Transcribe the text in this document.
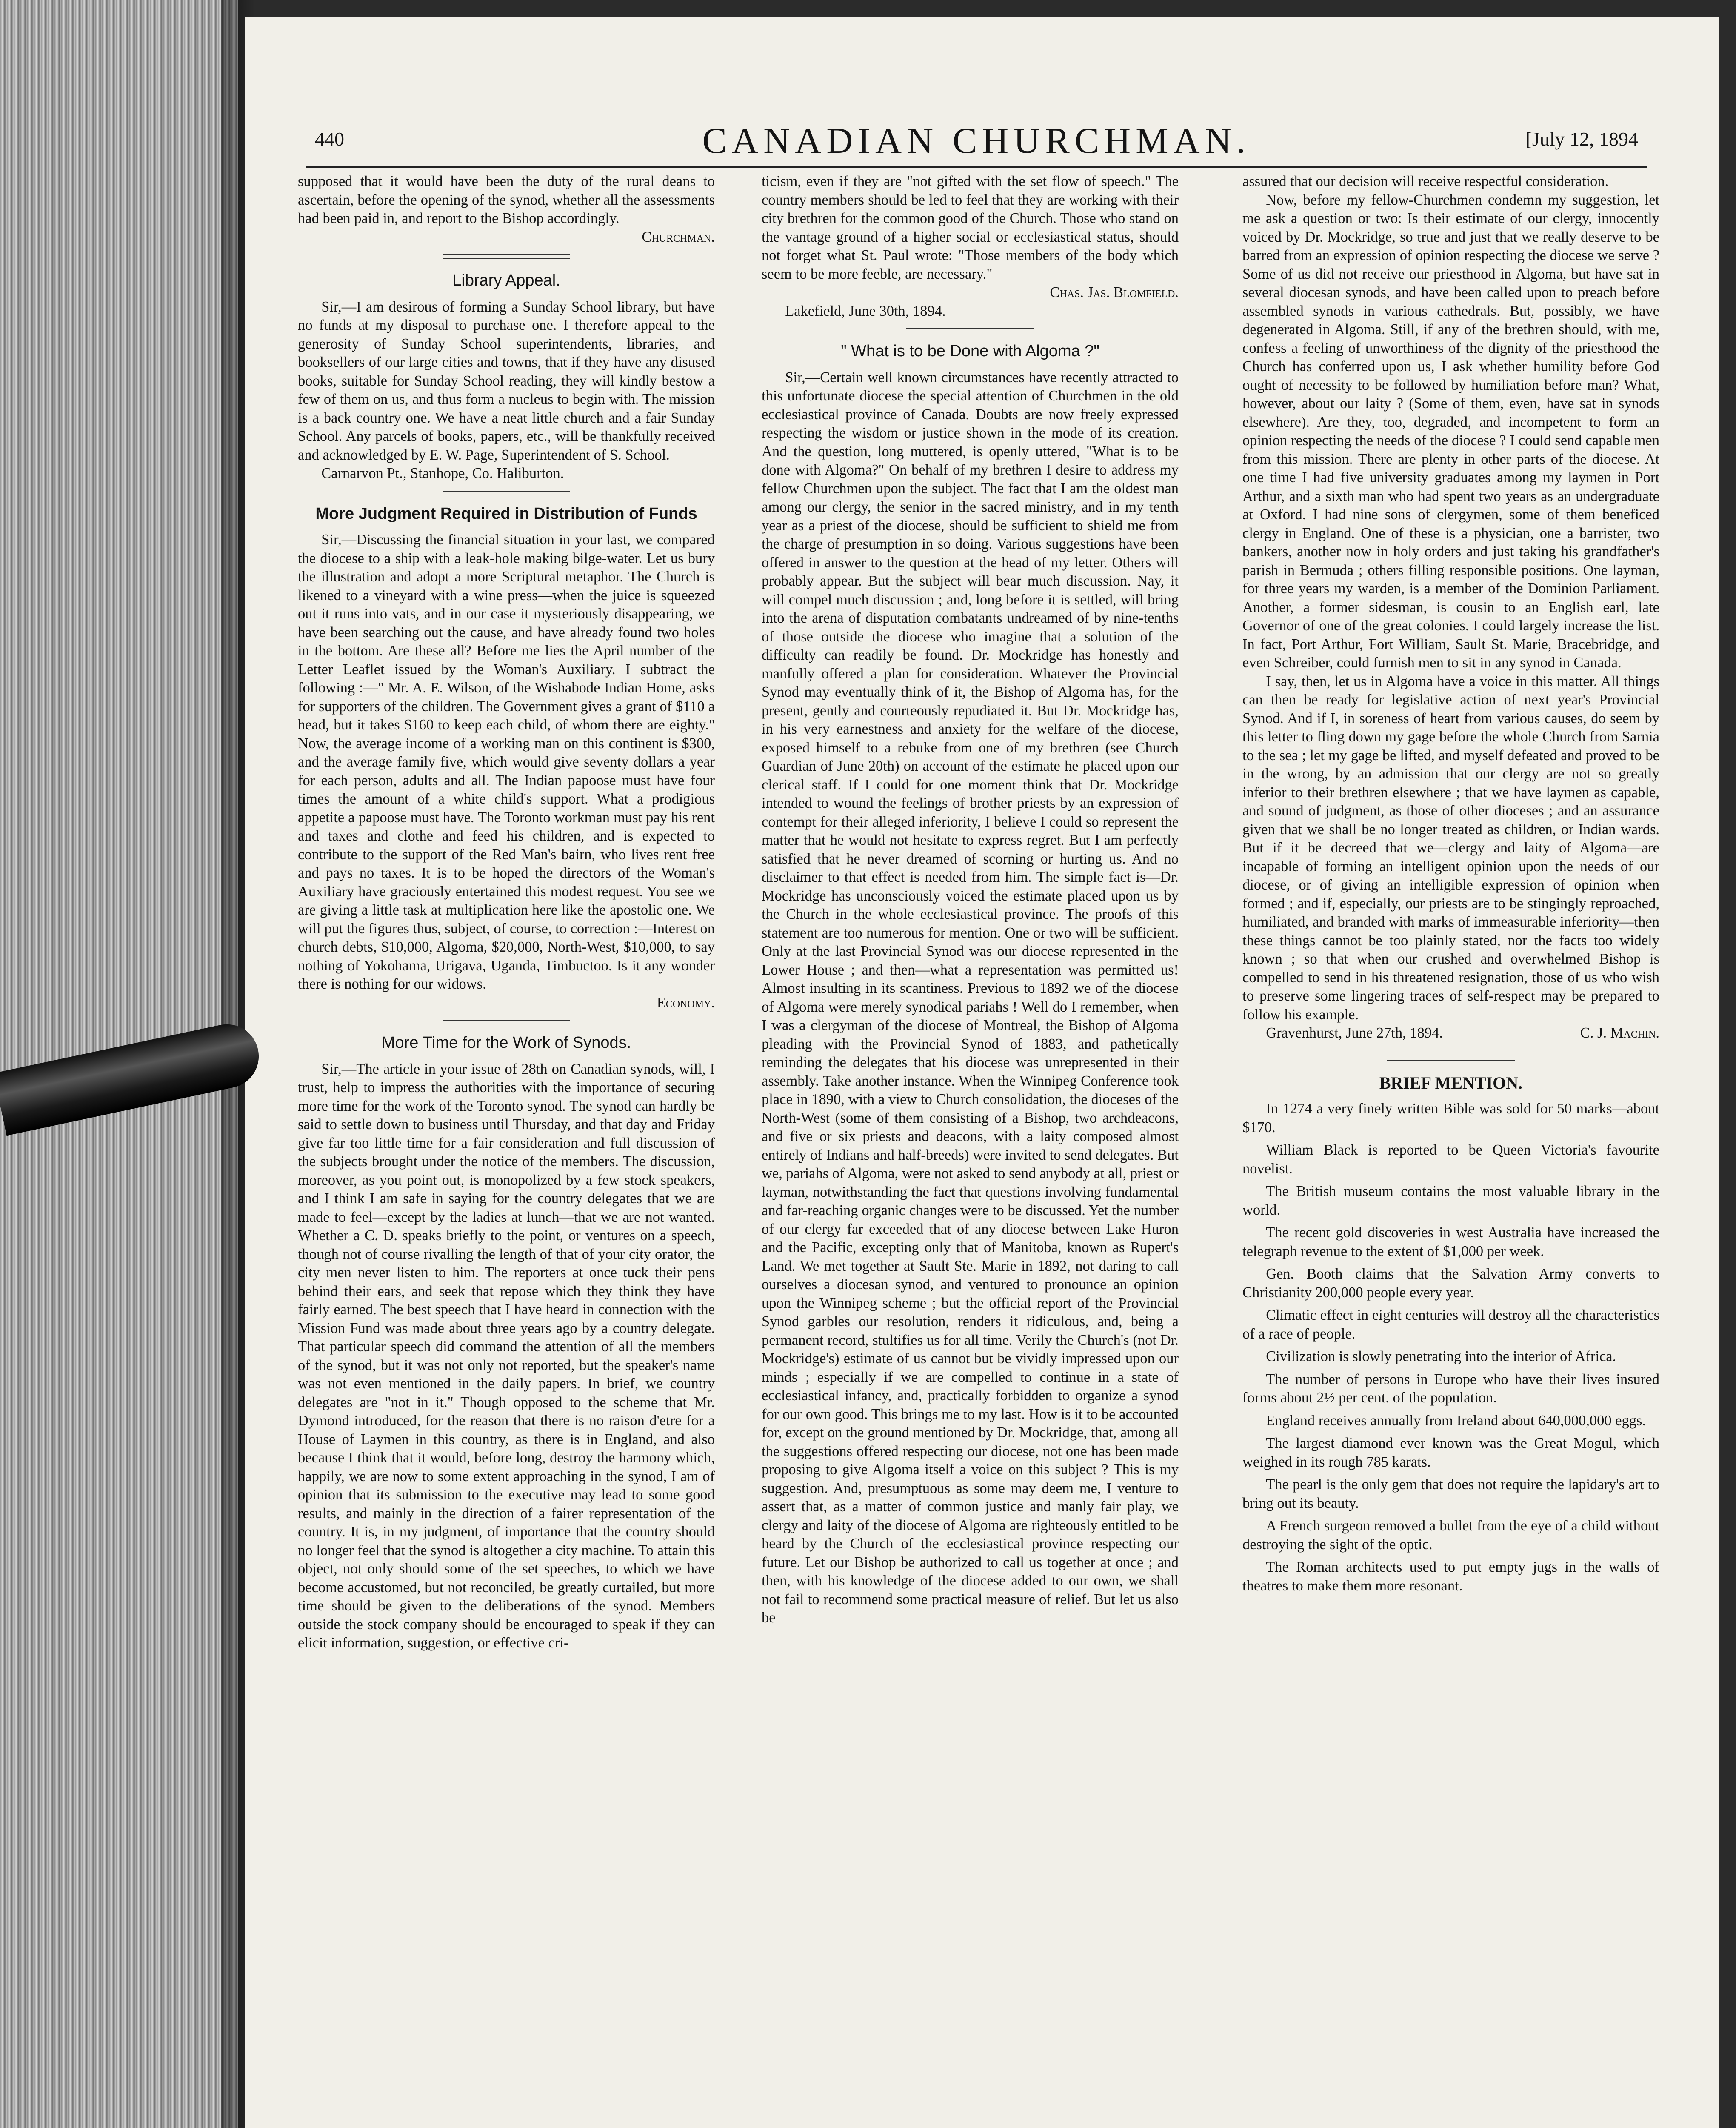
440	CANADIAN CHURCHMAN.	[July 12, 1894

supposed that it would have been the duty of the rural deans to ascertain, before the opening of the synod, whether all the assessments had been paid in, and report to the Bishop accordingly.

Churchman.

Library Appeal.

Sir,—I am desirous of forming a Sunday School library, but have no funds at my disposal to purchase one. I therefore appeal to the generosity of Sunday School superintendents, libraries, and booksellers of our large cities and towns, that if they have any disused books, suitable for Sunday School reading, they will kindly bestow a few of them on us, and thus form a nucleus to begin with. The mission is a back country one. We have a neat little church and a fair Sunday School. Any parcels of books, papers, etc., will be thankfully received and acknowledged by E. W. Page, Superintendent of S. School.

Carnarvon Pt., Stanhope, Co. Haliburton.

More Judgment Required in Distribution of Funds

Sir,—Discussing the financial situation in your last, we compared the diocese to a ship with a leak-hole making bilge-water. Let us bury the illustration and adopt a more Scriptural metaphor. The Church is likened to a vineyard with a wine press—when the juice is squeezed out it runs into vats, and in our case it mysteriously disappearing, we have been searching out the cause, and have already found two holes in the bottom. Are these all? Before me lies the April number of the Letter Leaflet issued by the Woman's Auxiliary. I subtract the following :—" Mr. A. E. Wilson, of the Wishabode Indian Home, asks for supporters of the children. The Government gives a grant of $110 a head, but it takes $160 to keep each child, of whom there are eighty." Now, the average income of a working man on this continent is $300, and the average family five, which would give seventy dollars a year for each person, adults and all. The Indian papoose must have four times the amount of a white child's support. What a prodigious appetite a papoose must have. The Toronto workman must pay his rent and taxes and clothe and feed his children, and is expected to contribute to the support of the Red Man's bairn, who lives rent free and pays no taxes. It is to be hoped the directors of the Woman's Auxiliary have graciously entertained this modest request. You see we are giving a little task at multiplication here like the apostolic one. We will put the figures thus, subject, of course, to correction :—Interest on church debts, $10,000, Algoma, $20,000, North-West, $10,000, to say nothing of Yokohama, Urigava, Uganda, Timbuctoo. Is it any wonder there is nothing for our widows.

Economy.

More Time for the Work of Synods.

Sir,—The article in your issue of 28th on Canadian synods, will, I trust, help to impress the authorities with the importance of securing more time for the work of the Toronto synod. The synod can hardly be said to settle down to business until Thursday, and that day and Friday give far too little time for a fair consideration and full discussion of the subjects brought under the notice of the members. The discussion, moreover, as you point out, is monopolized by a few stock speakers, and I think I am safe in saying for the country delegates that we are made to feel—except by the ladies at lunch—that we are not wanted. Whether a C. D. speaks briefly to the point, or ventures on a speech, though not of course rivalling the length of that of your city orator, the city men never listen to him. The reporters at once tuck their pens behind their ears, and seek that repose which they think they have fairly earned. The best speech that I have heard in connection with the Mission Fund was made about three years ago by a country delegate. That particular speech did command the attention of all the members of the synod, but it was not only not reported, but the speaker's name was not even mentioned in the daily papers. In brief, we country delegates are "not in it." Though opposed to the scheme that Mr. Dymond introduced, for the reason that there is no raison d'etre for a House of Laymen in this country, as there is in England, and also because I think that it would, before long, destroy the harmony which, happily, we are now to some extent approaching in the synod, I am of opinion that its submission to the executive may lead to some good results, and mainly in the direction of a fairer representation of the country. It is, in my judgment, of importance that the country should no longer feel that the synod is altogether a city machine. To attain this object, not only should some of the set speeches, to which we have become accustomed, but not reconciled, be greatly curtailed, but more time should be given to the deliberations of the synod. Members outside the stock company should be encouraged to speak if they can elicit information, suggestion, or effective cri-

ticism, even if they are "not gifted with the set flow of speech." The country members should be led to feel that they are working with their city brethren for the common good of the Church. Those who stand on the vantage ground of a higher social or ecclesiastical status, should not forget what St. Paul wrote: "Those members of the body which seem to be more feeble, are necessary."

Chas. Jas. Blomfield.

Lakefield, June 30th, 1894.

" What is to be Done with Algoma ?"

Sir,—Certain well known circumstances have recently attracted to this unfortunate diocese the special attention of Churchmen in the old ecclesiastical province of Canada. Doubts are now freely expressed respecting the wisdom or justice shown in the mode of its creation. And the question, long muttered, is openly uttered, "What is to be done with Algoma?" On behalf of my brethren I desire to address my fellow Churchmen upon the subject. The fact that I am the oldest man among our clergy, the senior in the sacred ministry, and in my tenth year as a priest of the diocese, should be sufficient to shield me from the charge of presumption in so doing. Various suggestions have been offered in answer to the question at the head of my letter. Others will probably appear. But the subject will bear much discussion. Nay, it will compel much discussion ; and, long before it is settled, will bring into the arena of disputation combatants undreamed of by nine-tenths of those outside the diocese who imagine that a solution of the difficulty can readily be found. Dr. Mockridge has honestly and manfully offered a plan for consideration. Whatever the Provincial Synod may eventually think of it, the Bishop of Algoma has, for the present, gently and courteously repudiated it. But Dr. Mockridge has, in his very earnestness and anxiety for the welfare of the diocese, exposed himself to a rebuke from one of my brethren (see Church Guardian of June 20th) on account of the estimate he placed upon our clerical staff. If I could for one moment think that Dr. Mockridge intended to wound the feelings of brother priests by an expression of contempt for their alleged inferiority, I believe I could so represent the matter that he would not hesitate to express regret. But I am perfectly satisfied that he never dreamed of scorning or hurting us. And no disclaimer to that effect is needed from him. The simple fact is—Dr. Mockridge has unconsciously voiced the estimate placed upon us by the Church in the whole ecclesiastical province. The proofs of this statement are too numerous for mention. One or two will be sufficient. Only at the last Provincial Synod was our diocese represented in the Lower House ; and then—what a representation was permitted us! Almost insulting in its scantiness. Previous to 1892 we of the diocese of Algoma were merely synodical pariahs ! Well do I remember, when I was a clergyman of the diocese of Montreal, the Bishop of Algoma pleading with the Provincial Synod of 1883, and pathetically reminding the delegates that his diocese was unrepresented in their assembly. Take another instance. When the Winnipeg Conference took place in 1890, with a view to Church consolidation, the dioceses of the North-West (some of them consisting of a Bishop, two archdeacons, and five or six priests and deacons, with a laity composed almost entirely of Indians and half-breeds) were invited to send delegates. But we, pariahs of Algoma, were not asked to send anybody at all, priest or layman, notwithstanding the fact that questions involving fundamental and far-reaching organic changes were to be discussed. Yet the number of our clergy far exceeded that of any diocese between Lake Huron and the Pacific, excepting only that of Manitoba, known as Rupert's Land. We met together at Sault Ste. Marie in 1892, not daring to call ourselves a diocesan synod, and ventured to pronounce an opinion upon the Winnipeg scheme ; but the official report of the Provincial Synod garbles our resolution, renders it ridiculous, and, being a permanent record, stultifies us for all time. Verily the Church's (not Dr. Mockridge's) estimate of us cannot but be vividly impressed upon our minds ; especially if we are compelled to continue in a state of ecclesiastical infancy, and, practically forbidden to organize a synod for our own good. This brings me to my last. How is it to be accounted for, except on the ground mentioned by Dr. Mockridge, that, among all the suggestions offered respecting our diocese, not one has been made proposing to give Algoma itself a voice on this subject ? This is my suggestion. And, presumptuous as some may deem me, I venture to assert that, as a matter of common justice and manly fair play, we clergy and laity of the diocese of Algoma are righteously entitled to be heard by the Church of the ecclesiastical province respecting our future. Let our Bishop be authorized to call us together at once ; and then, with his knowledge of the diocese added to our own, we shall not fail to recommend some practical measure of relief. But let us also be

assured that our decision will receive respectful consideration.

Now, before my fellow-Churchmen condemn my suggestion, let me ask a question or two: Is their estimate of our clergy, innocently voiced by Dr. Mockridge, so true and just that we really deserve to be barred from an expression of opinion respecting the diocese we serve ? Some of us did not receive our priesthood in Algoma, but have sat in several diocesan synods, and have been called upon to preach before assembled synods in various cathedrals. But, possibly, we have degenerated in Algoma. Still, if any of the brethren should, with me, confess a feeling of unworthiness of the dignity of the priesthood the Church has conferred upon us, I ask whether humility before God ought of necessity to be followed by humiliation before man? What, however, about our laity ? (Some of them, even, have sat in synods elsewhere). Are they, too, degraded, and incompetent to form an opinion respecting the needs of the diocese ? I could send capable men from this mission. There are plenty in other parts of the diocese. At one time I had five university graduates among my laymen in Port Arthur, and a sixth man who had spent two years as an undergraduate at Oxford. I had nine sons of clergymen, some of them beneficed clergy in England. One of these is a physician, one a barrister, two bankers, another now in holy orders and just taking his grandfather's parish in Bermuda ; others filling responsible positions. One layman, for three years my warden, is a member of the Dominion Parliament. Another, a former sidesman, is cousin to an English earl, late Governor of one of the great colonies. I could largely increase the list. In fact, Port Arthur, Fort William, Sault St. Marie, Bracebridge, and even Schreiber, could furnish men to sit in any synod in Canada.

I say, then, let us in Algoma have a voice in this matter. All things can then be ready for legislative action of next year's Provincial Synod. And if I, in soreness of heart from various causes, do seem by this letter to fling down my gage before the whole Church from Sarnia to the sea ; let my gage be lifted, and myself defeated and proved to be in the wrong, by an admission that our clergy are not so greatly inferior to their brethren elsewhere ; that we have laymen as capable, and sound of judgment, as those of other dioceses ; and an assurance given that we shall be no longer treated as children, or Indian wards. But if it be decreed that we—clergy and laity of Algoma—are incapable of forming an intelligent opinion upon the needs of our diocese, or of giving an intelligible expression of opinion when formed ; and if, especially, our priests are to be stingingly reproached, humiliated, and branded with marks of immeasurable inferiority—then these things cannot be too plainly stated, nor the facts too widely known ; so that when our crushed and overwhelmed Bishop is compelled to send in his threatened resignation, those of us who wish to preserve some lingering traces of self-respect may be prepared to follow his example.

Gravenhurst, June 27th, 1894.	C. J. Machin.

BRIEF MENTION.

In 1274 a very finely written Bible was sold for 50 marks—about $170.

William Black is reported to be Queen Victoria's favourite novelist.

The British museum contains the most valuable library in the world.

The recent gold discoveries in west Australia have increased the telegraph revenue to the extent of $1,000 per week.

Gen. Booth claims that the Salvation Army converts to Christianity 200,000 people every year.

Climatic effect in eight centuries will destroy all the characteristics of a race of people.

Civilization is slowly penetrating into the interior of Africa.

The number of persons in Europe who have their lives insured forms about 2½ per cent. of the population.

England receives annually from Ireland about 640,000,000 eggs.

The largest diamond ever known was the Great Mogul, which weighed in its rough 785 karats.

The pearl is the only gem that does not require the lapidary's art to bring out its beauty.

A French surgeon removed a bullet from the eye of a child without destroying the sight of the optic.

The Roman architects used to put empty jugs in the walls of theatres to make them more resonant.
